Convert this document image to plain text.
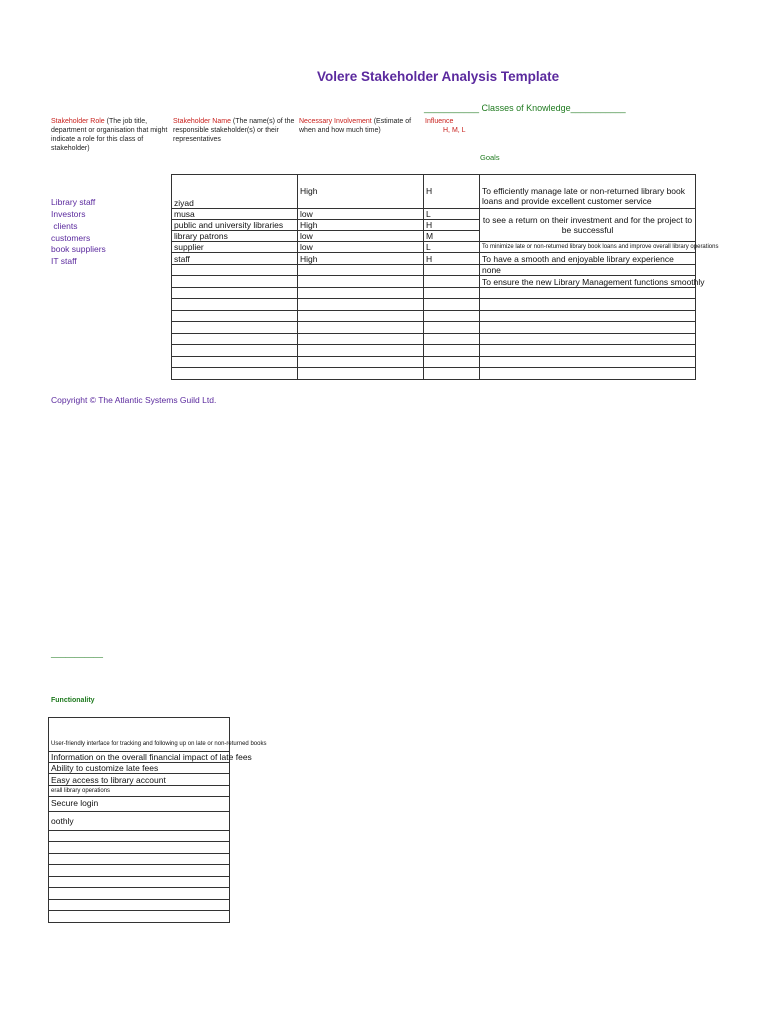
Volere Stakeholder Analysis Template
___________ Classes of Knowledge___________
Stakeholder Role (The job title, department or organisation that might indicate a role for this class of stakeholder)
Stakeholder Name (The name(s) of the responsible stakeholder(s) or their representatives
Necessary Involvement (Estimate of when and how much time)
Influence
H, M, L
Goals
Library staff
Investors
clients
customers
book suppliers
IT staff
ziyad	High	H	To efficiently manage late or non-returned library book loans and provide excellent customer service
musa	low	L	to see a return on their investment and for the project to be successful
public and university libraries	High	H	
library patrons	low	M	
supplier	low	L	To minimize late or non-returned library book loans and improve overall library operations
staff	High	H	To have a smooth and enjoyable library experience
			none
			To ensure the new Library Management functions smoothly

Copyright © The Atlantic Systems Guild Ltd.
___________
Functionality
User-friendly interface for tracking and following up on late or non-returned books
Information on the overall financial impact of late fees
Ability to customize late fees
Easy access to library account
erall library operations
Secure login
oothly
